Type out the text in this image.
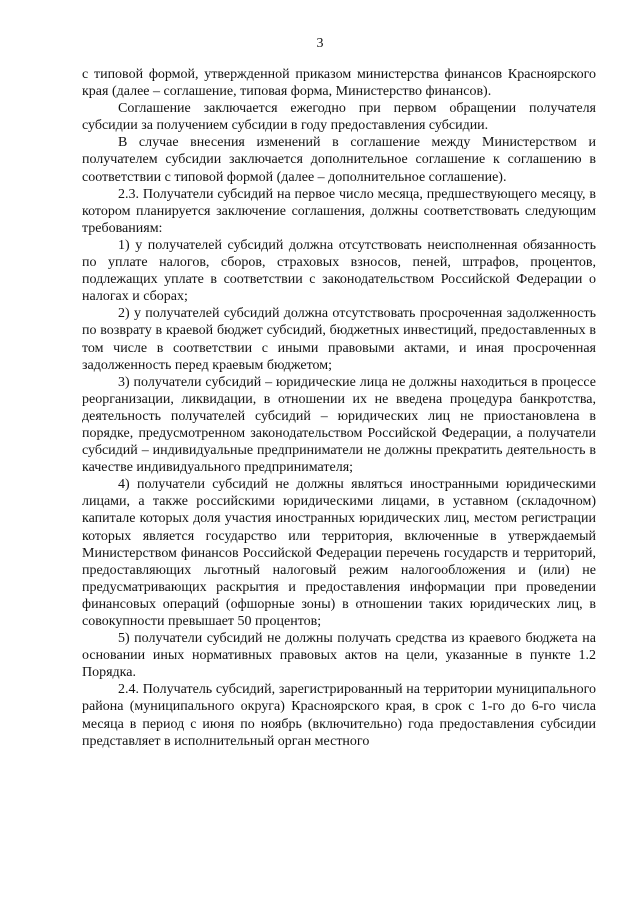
3

с типовой формой, утвержденной приказом министерства финансов Красноярского края (далее – соглашение, типовая форма, Министерство финансов).

Соглашение заключается ежегодно при первом обращении получателя субсидии за получением субсидии в году предоставления субсидии.

В случае внесения изменений в соглашение между Министерством и получателем субсидии заключается дополнительное соглашение к соглашению в соответствии с типовой формой (далее – дополнительное соглашение).

2.3. Получатели субсидий на первое число месяца, предшествующего месяцу, в котором планируется заключение соглашения, должны соответствовать следующим требованиям:

1) у получателей субсидий должна отсутствовать неисполненная обязанность по уплате налогов, сборов, страховых взносов, пеней, штрафов, процентов, подлежащих уплате в соответствии с законодательством Российской Федерации о налогах и сборах;

2) у получателей субсидий должна отсутствовать просроченная задолженность по возврату в краевой бюджет субсидий, бюджетных инвестиций, предоставленных в том числе в соответствии с иными правовыми актами, и иная просроченная задолженность перед краевым бюджетом;

3) получатели субсидий – юридические лица не должны находиться в процессе реорганизации, ликвидации, в отношении их не введена процедура банкротства, деятельность получателей субсидий – юридических лиц не приостановлена в порядке, предусмотренном законодательством Российской Федерации, а получатели субсидий – индивидуальные предприниматели не должны прекратить деятельность в качестве индивидуального предпринимателя;

4) получатели субсидий не должны являться иностранными юридическими лицами, а также российскими юридическими лицами, в уставном (складочном) капитале которых доля участия иностранных юридических лиц, местом регистрации которых является государство или территория, включенные в утверждаемый Министерством финансов Российской Федерации перечень государств и территорий, предоставляющих льготный налоговый режим налогообложения и (или) не предусматривающих раскрытия и предоставления информации при проведении финансовых операций (офшорные зоны) в отношении таких юридических лиц, в совокупности превышает 50 процентов;

5) получатели субсидий не должны получать средства из краевого бюджета на основании иных нормативных правовых актов на цели, указанные в пункте 1.2 Порядка.

2.4. Получатель субсидий, зарегистрированный на территории муниципального района (муниципального округа) Красноярского края, в срок с 1-го до 6-го числа месяца в период с июня по ноябрь (включительно) года предоставления субсидии представляет в исполнительный орган местного
